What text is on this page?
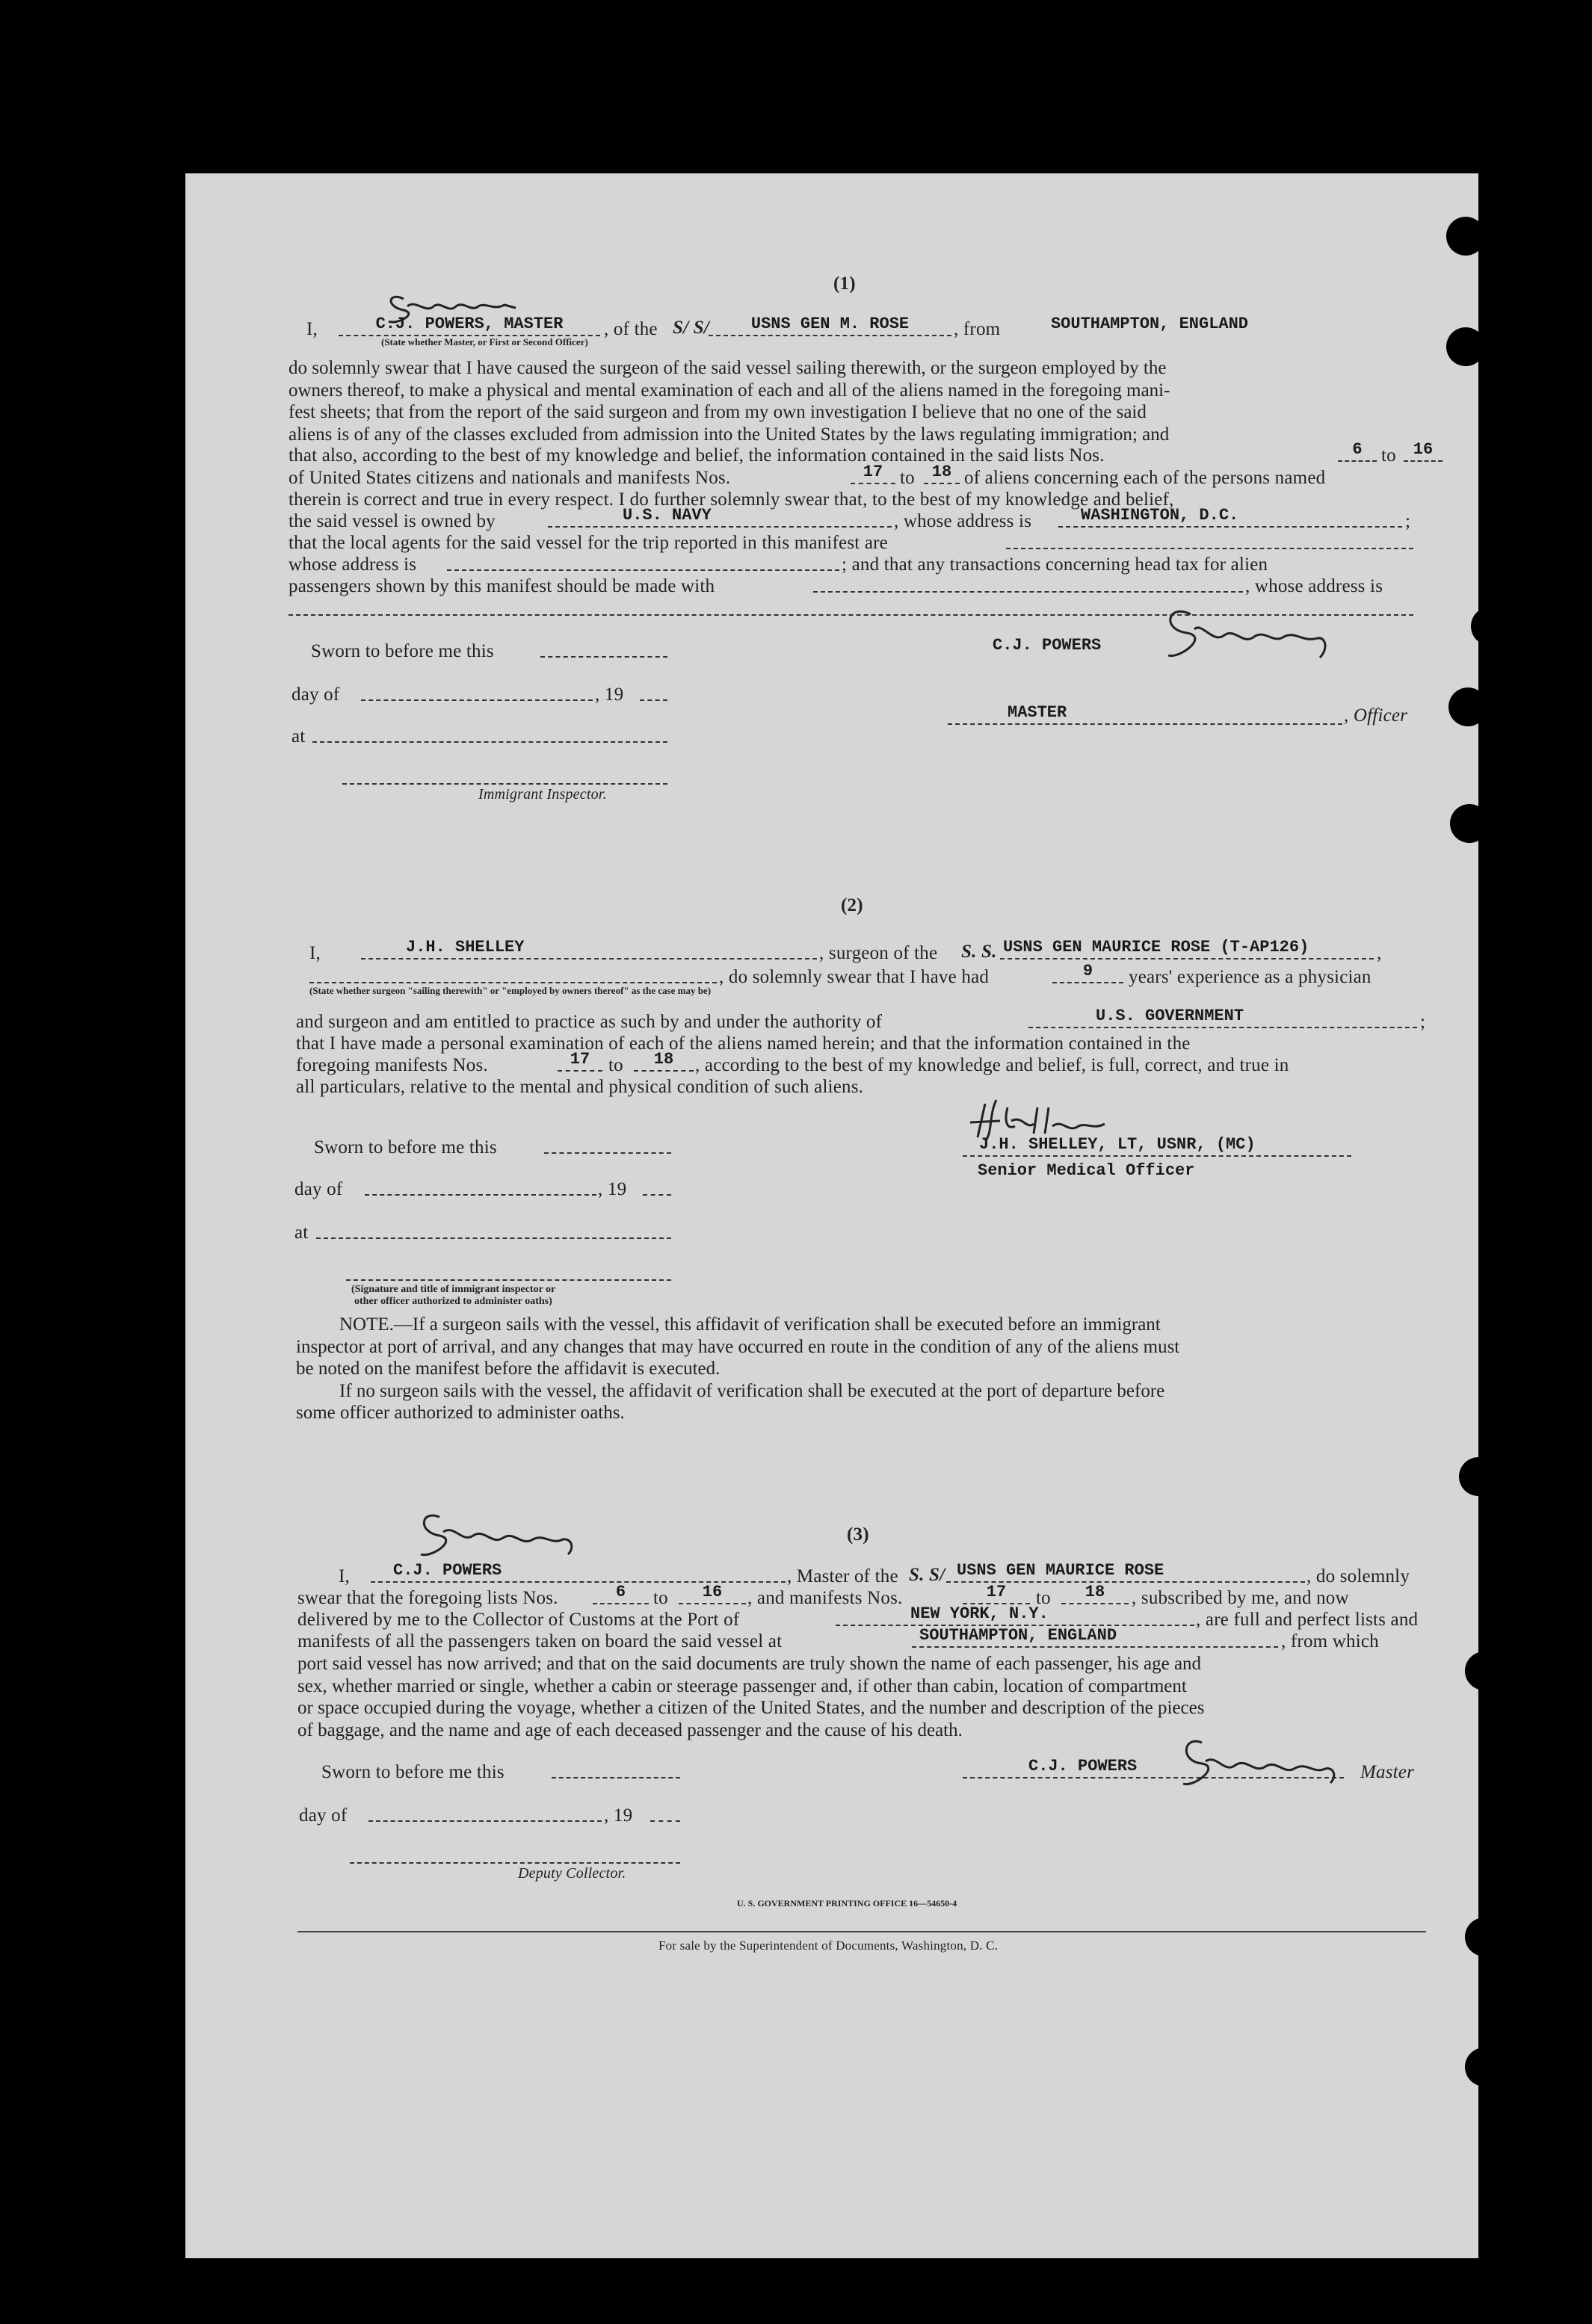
(1)
I,	C.J. POWERS, MASTER
(State whether Master, or First or Second Officer)
, of the S/ S/	USNS GEN M. ROSE	, from	SOUTHAMPTON, ENGLAND
do solemnly swear that I have caused the surgeon of the said vessel sailing therewith, or the surgeon employed by the
owners thereof, to make a physical and mental examination of each and all of the aliens named in the foregoing mani-
fest sheets; that from the report of the said surgeon and from my own investigation I believe that no one of the said
aliens is of any of the classes excluded from admission into the United States by the laws regulating immigration; and
that also, according to the best of my knowledge and belief, the information contained in the said lists Nos.	6	to	16
of United States citizens and nationals and manifests Nos.	17 to	18 of aliens concerning each of the persons named
therein is correct and true in every respect. I do further solemnly swear that, to the best of my knowledge and belief,
the said vessel is owned by	U.S. NAVY	, whose address is	WASHINGTON, D.C.	;
that the local agents for the said vessel for the trip reported in this manifest are
whose address is	; and that any transactions concerning head tax for alien
passengers shown by this manifest should be made with	, whose address is
Sworn to before me this
day of	, 19
at
Immigrant Inspector.
C.J. POWERS
MASTER	, Officer
(2)
I,	J.H. SHELLEY	, surgeon of the S. S. USNS GEN MAURICE ROSE (T-AP126)	,
(State whether surgeon "sailing therewith" or "employed by owners thereof" as the case may be)
, do solemnly swear that I have had	9	years' experience as a physician
and surgeon and am entitled to practice as such by and under the authority of	U.S. GOVERNMENT	;
that I have made a personal examination of each of the aliens named herein; and that the information contained in the
foregoing manifests Nos.	17 to	18	, according to the best of my knowledge and belief, is full, correct, and true in
all particulars, relative to the mental and physical condition of such aliens.
Sworn to before me this
day of	, 19
at
(Signature and title of immigrant inspector or
other officer authorized to administer oaths)
J.H. SHELLEY, LT, USNR, (MC)
Senior Medical Officer
NOTE.—If a surgeon sails with the vessel, this affidavit of verification shall be executed before an immigrant
inspector at port of arrival, and any changes that may have occurred en route in the condition of any of the aliens must
be noted on the manifest before the affidavit is executed.
If no surgeon sails with the vessel, the affidavit of verification shall be executed at the port of departure before
some officer authorized to administer oaths.
(3)
I,	C.J. POWERS	, Master of the S. S/ USNS GEN MAURICE ROSE	, do solemnly
swear that the foregoing lists Nos.	6	to	16	, and manifests Nos.	17	to	18	, subscribed by me, and now
delivered by me to the Collector of Customs at the Port of	NEW YORK, N.Y.	, are full and perfect lists and
manifests of all the passengers taken on board the said vessel at	SOUTHAMPTON, ENGLAND	, from which
port said vessel has now arrived; and that on the said documents are truly shown the name of each passenger, his age and
sex, whether married or single, whether a cabin or steerage passenger and, if other than cabin, location of compartment
or space occupied during the voyage, whether a citizen of the United States, and the number and description of the pieces
of baggage, and the name and age of each deceased passenger and the cause of his death.
Sworn to before me this
day of	, 19
Deputy Collector.
C.J. POWERS	Master
U. S. GOVERNMENT PRINTING OFFICE 16—54650-4
For sale by the Superintendent of Documents, Washington, D. C.
